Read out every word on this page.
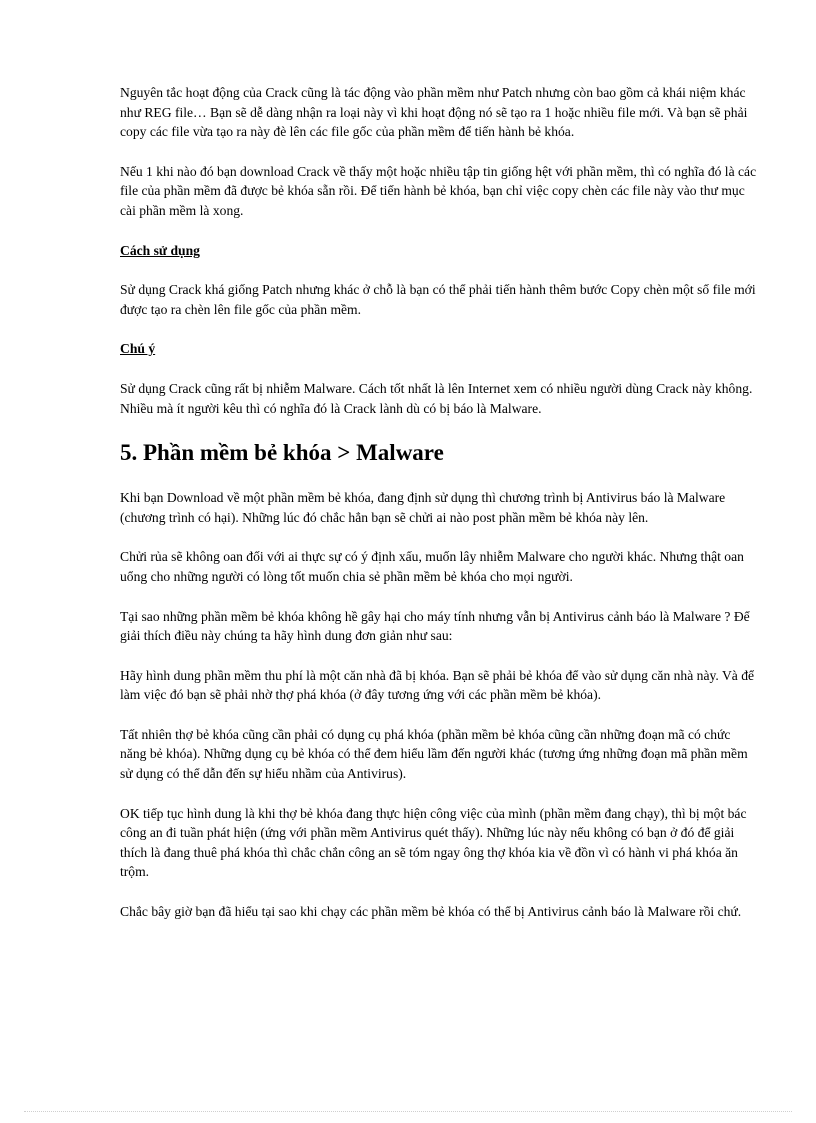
Nguyên tắc hoạt động của Crack cũng là tác động vào phần mềm như Patch nhưng còn bao gồm cả khái niệm khác như REG file… Bạn sẽ dễ dàng nhận ra loại này vì khi hoạt động nó sẽ tạo ra 1 hoặc nhiều file mới. Và bạn sẽ phải copy các file vừa tạo ra này đè lên các file gốc của phần mềm để tiến hành bẻ khóa.

Nếu 1 khi nào đó bạn download Crack về thấy một hoặc nhiều tập tin giống hệt với phần mềm, thì có nghĩa đó là các file của phần mềm đã được bẻ khóa sẵn rồi. Để tiến hành bẻ khóa, bạn chỉ việc copy chèn các file này vào thư mục cài phần mềm là xong.

Cách sử dụng

Sử dụng Crack khá giống Patch nhưng khác ở chỗ là bạn có thể phải tiến hành thêm bước Copy chèn một số file mới được tạo ra chèn lên file gốc của phần mềm.

Chú ý

Sử dụng Crack cũng rất bị nhiễm Malware. Cách tốt nhất là lên Internet xem có nhiều người dùng Crack này không. Nhiều mà ít người kêu thì có nghĩa đó là Crack lành dù có bị báo là Malware.

5. Phần mềm bẻ khóa > Malware

Khi bạn Download về một phần mềm bẻ khóa, đang định sử dụng thì chương trình bị Antivirus báo là Malware (chương trình có hại). Những lúc đó chắc hẳn bạn sẽ chửi ai nào post phần mềm bẻ khóa này lên.

Chửi rủa sẽ không oan đối với ai thực sự có ý định xấu, muốn lây nhiễm Malware cho người khác. Nhưng thật oan uổng cho những người có lòng tốt muốn chia sẻ phần mềm bẻ khóa cho mọi người.

Tại sao những phần mềm bẻ khóa không hề gây hại cho máy tính nhưng vẫn bị Antivirus cảnh báo là Malware ? Để giải thích điều này chúng ta hãy hình dung đơn giản như sau:

Hãy hình dung phần mềm thu phí là một căn nhà đã bị khóa. Bạn sẽ phải bẻ khóa để vào sử dụng căn nhà này. Và để làm việc đó bạn sẽ phải nhờ thợ phá khóa (ở đây tương ứng với các phần mềm bẻ khóa).

Tất nhiên thợ bẻ khóa cũng cần phải có dụng cụ phá khóa (phần mềm bẻ khóa cũng cần những đoạn mã có chức năng bẻ khóa). Những dụng cụ bẻ khóa có thể đem hiểu lầm đến người khác (tương ứng những đoạn mã phần mềm sử dụng có thể dẫn đến sự hiểu nhầm của Antivirus).

OK tiếp tục hình dung là khi thợ bẻ khóa đang thực hiện công việc của mình (phần mềm đang chạy), thì bị một bác công an đi tuần phát hiện (ứng với phần mềm Antivirus quét thấy). Những lúc này nếu không có bạn ở đó để giải thích là đang thuê phá khóa thì chắc chắn công an sẽ tóm ngay ông thợ khóa kia về đồn vì có hành vi phá khóa ăn trộm.

Chắc bây giờ bạn đã hiểu tại sao khi chạy các phần mềm bẻ khóa có thể bị Antivirus cảnh báo là Malware rồi chứ.
